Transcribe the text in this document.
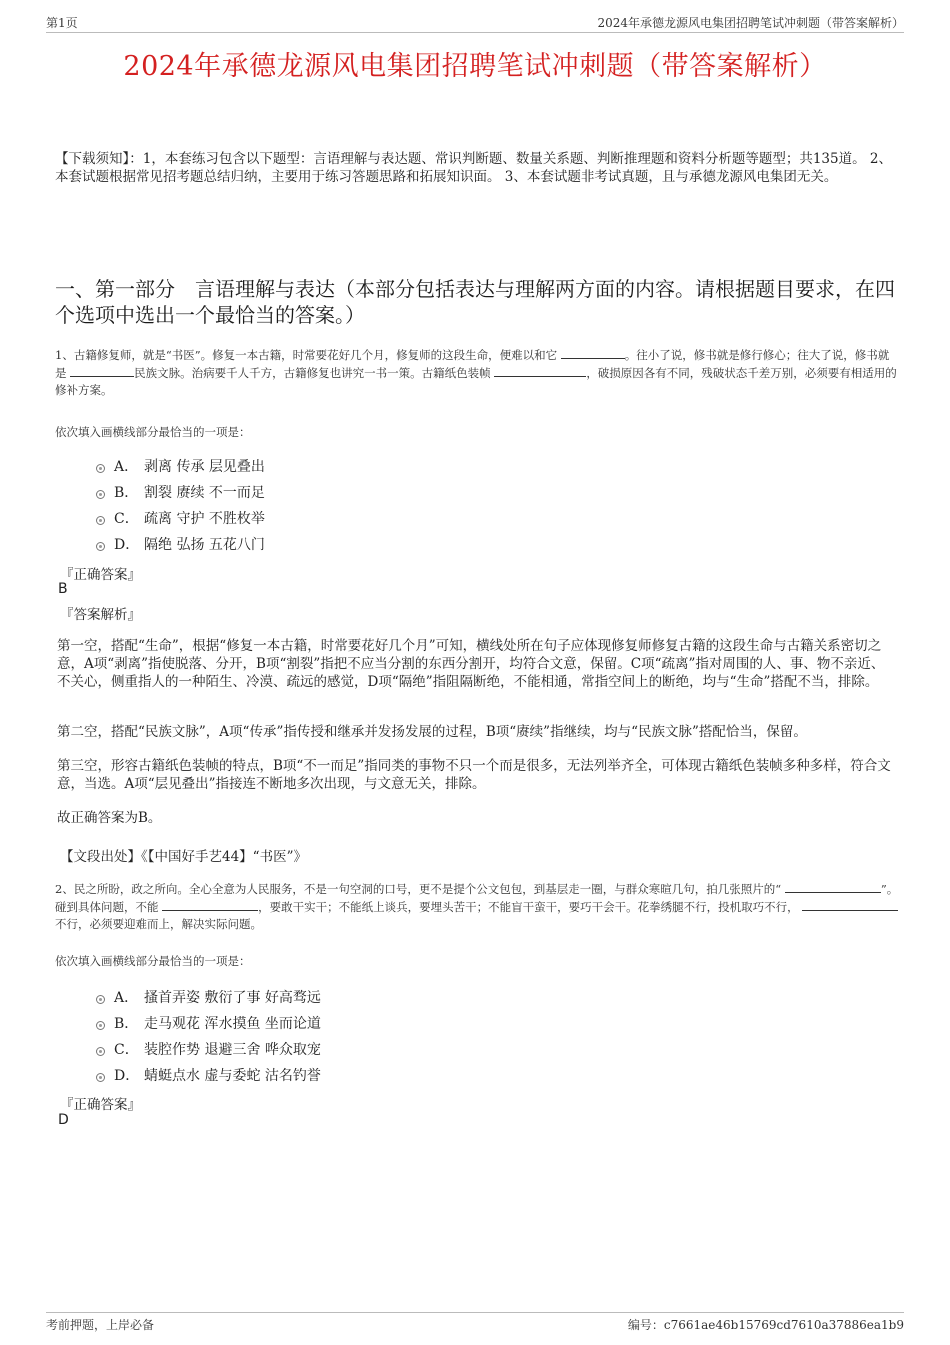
第1页	2024年承德龙源风电集团招聘笔试冲刺题（带答案解析）
2024年承德龙源风电集团招聘笔试冲刺题（带答案解析）
【下载须知】：1，本套练习包含以下题型：言语理解与表达题、常识判断题、数量关系题、判断推理题和资料分析题等题型；共135道。 2、本套试题根据常见招考题总结归纳，主要用于练习答题思路和拓展知识面。 3、本套试题非考试真题，且与承德龙源风电集团无关。
一、第一部分　言语理解与表达（本部分包括表达与理解两方面的内容。请根据题目要求，在四个选项中选出一个最恰当的答案。）
1、古籍修复师，就是“书医”。修复一本古籍，时常要花好几个月，修复师的这段生命，便难以和它	。往小了说，修书就是修行修心；往大了说，修书就是	民族文脉。治病要千人千方，古籍修复也讲究一书一策。古籍纸色装帧	，破损原因各有不同，残破状态千差万别，必须要有相适用的修补方案。
依次填入画横线部分最恰当的一项是：
A． 剥离 传承 层见叠出
B． 割裂 赓续 不一而足
C． 疏离 守护 不胜枚举
D． 隔绝 弘扬 五花八门
『正确答案』
B
『答案解析』
第一空，搭配“生命”，根据“修复一本古籍，时常要花好几个月”可知，横线处所在句子应体现修复师修复古籍的这段生命与古籍关系密切之意，A项“剥离”指使脱落、分开，B项“割裂”指把不应当分割的东西分割开，均符合文意，保留。C项“疏离”指对周围的人、事、物不亲近、不关心，侧重指人的一种陌生、冷漠、疏远的感觉，D项“隔绝”指阻隔断绝，不能相通，常指空间上的断绝，均与“生命”搭配不当，排除。
第二空，搭配“民族文脉”，A项“传承”指传授和继承并发扬发展的过程，B项“赓续”指继续，均与“民族文脉”搭配恰当，保留。
第三空，形容古籍纸色装帧的特点，B项“不一而足”指同类的事物不只一个而是很多，无法列举齐全，可体现古籍纸色装帧多种多样，符合文意，当选。A项“层见叠出”指接连不断地多次出现，与文意无关，排除。
故正确答案为B。
【文段出处】《【中国好手艺44】“书医”》
2、民之所盼，政之所向。全心全意为人民服务，不是一句空洞的口号，更不是提个公文包包，到基层走一圈，与群众寒暄几句，拍几张照片的“	”。碰到具体问题，不能	，要敢干实干；不能纸上谈兵，要埋头苦干；不能盲干蛮干，要巧干会干。花拳绣腿不行，投机取巧不行， 不行，必须要迎难而上，解决实际问题。
依次填入画横线部分最恰当的一项是：
A． 搔首弄姿 敷衍了事 好高骛远
B． 走马观花 浑水摸鱼 坐而论道
C． 装腔作势 退避三舍 哗众取宠
D． 蜻蜓点水 虚与委蛇 沽名钓誉
『正确答案』
D
考前押题，上岸必备	编号：c7661ae46b15769cd7610a37886ea1b9
